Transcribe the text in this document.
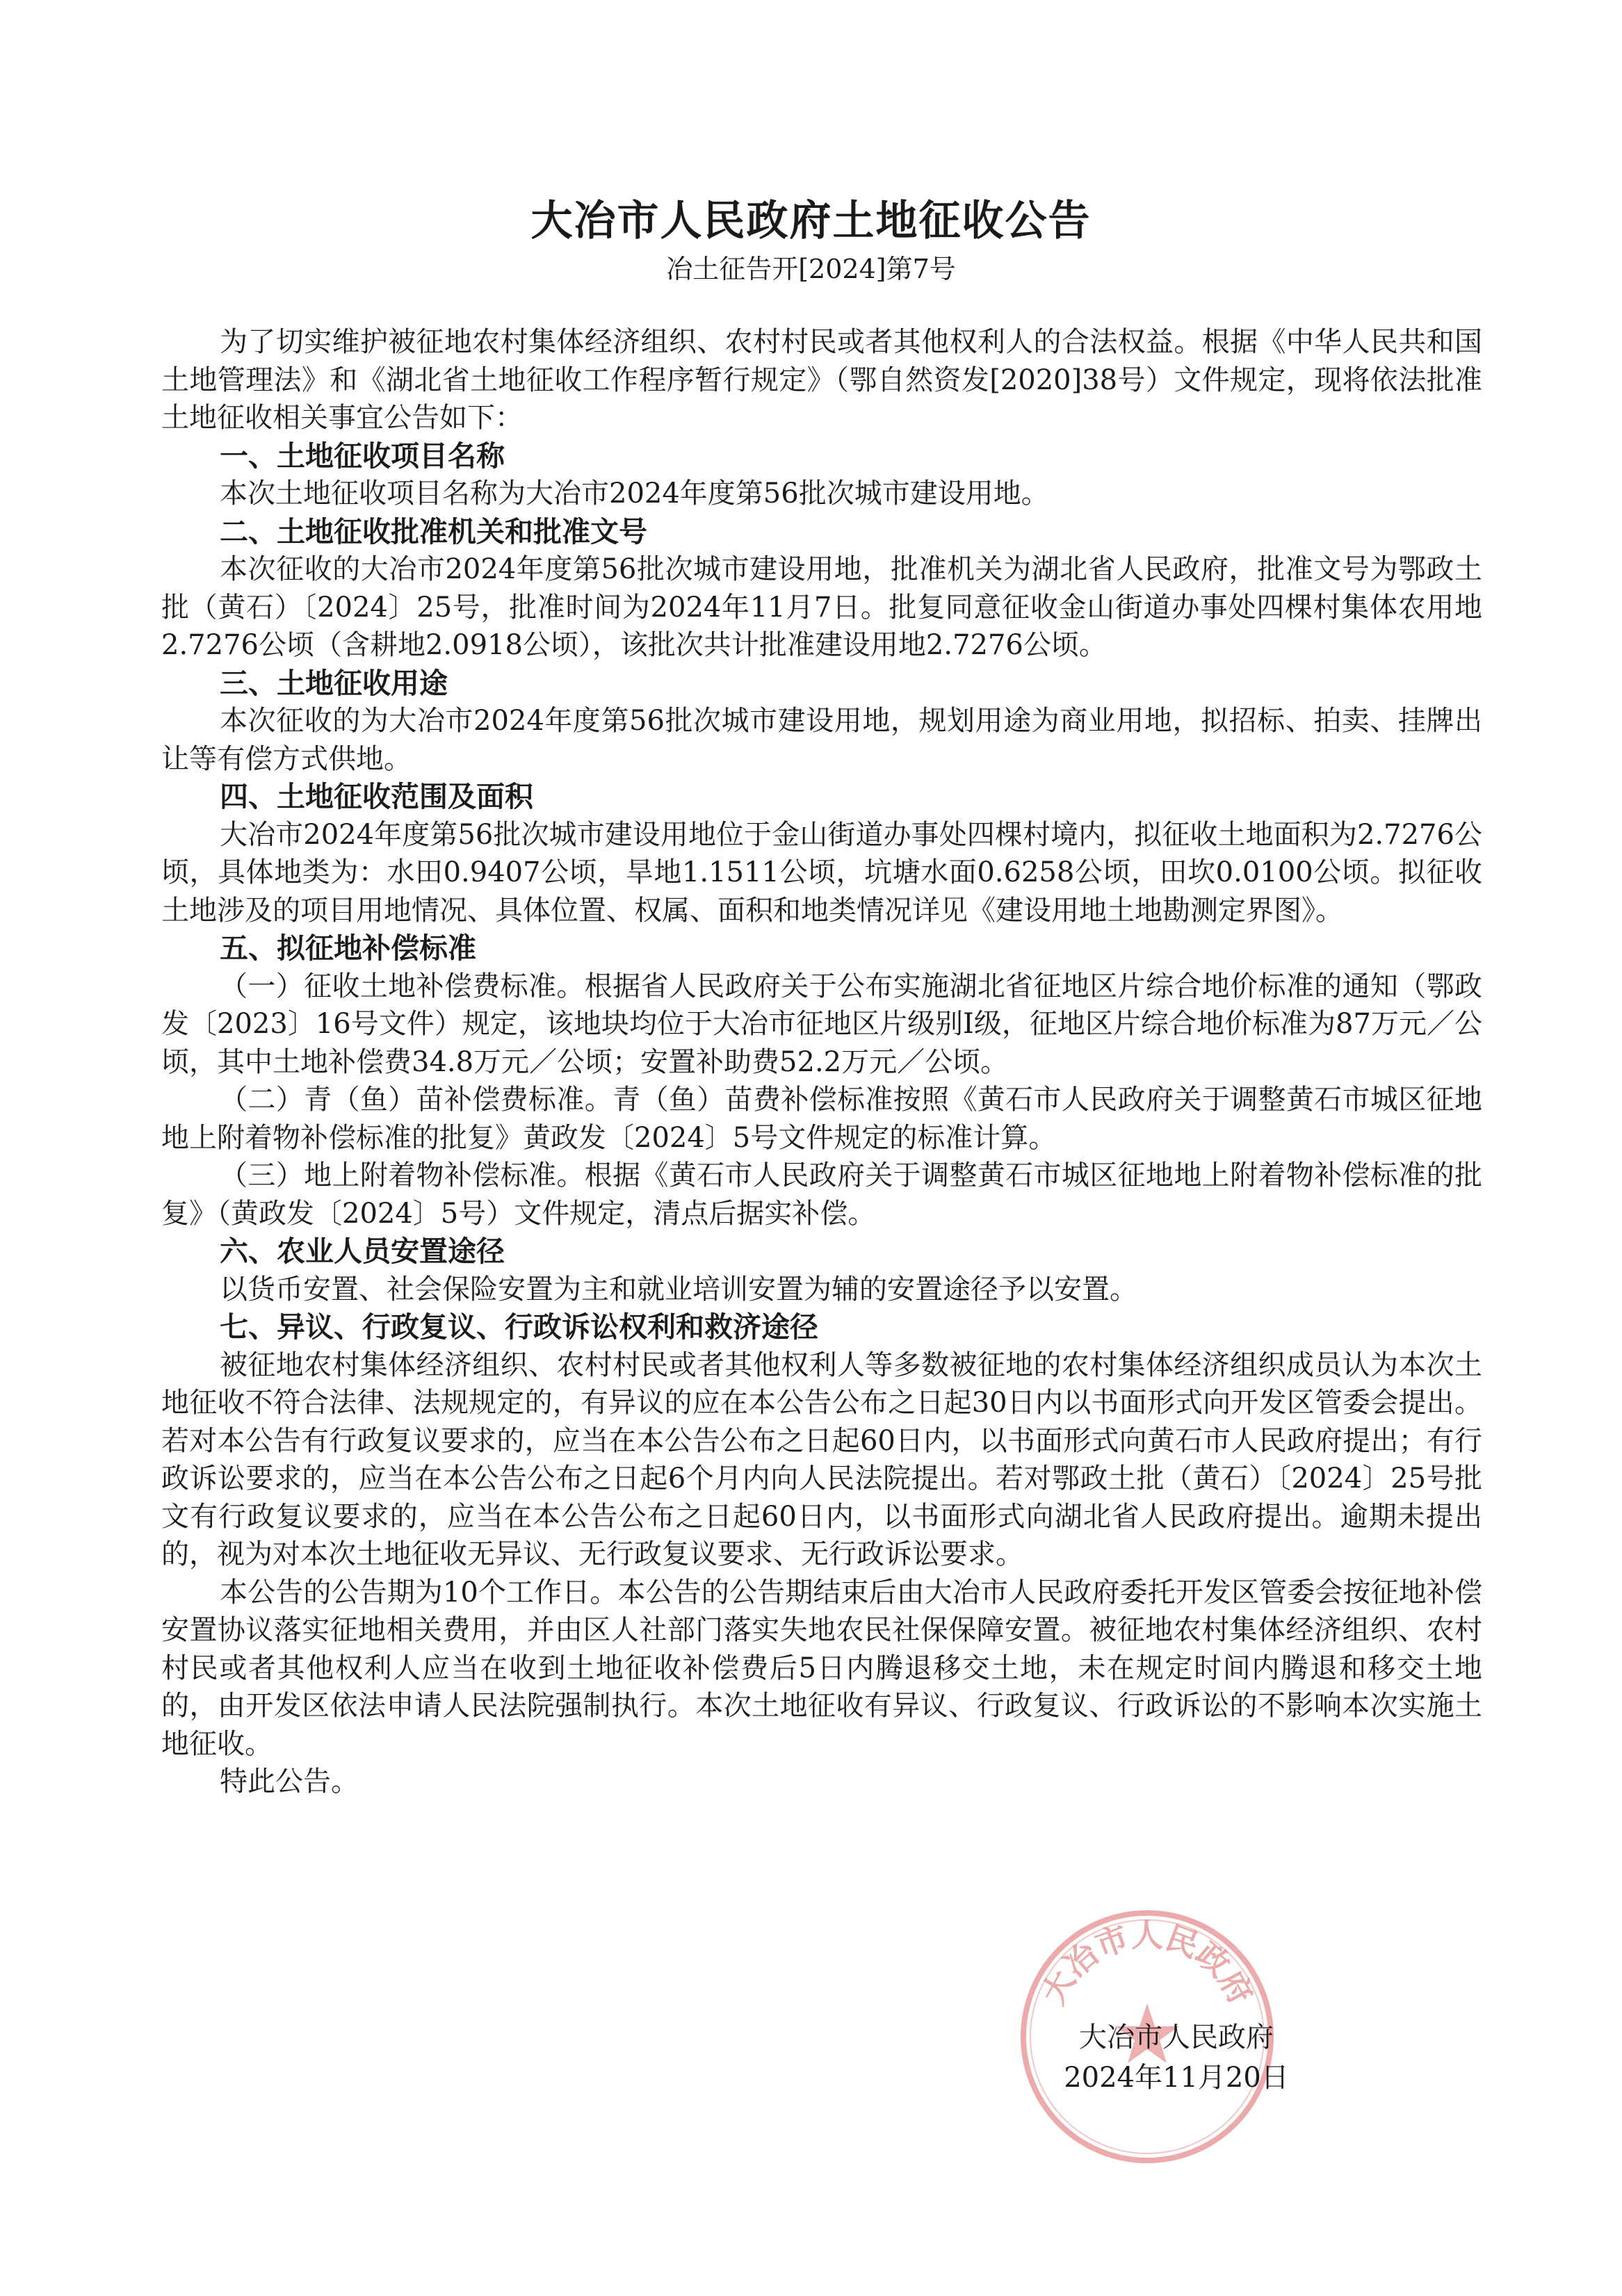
大冶市人民政府土地征收公告
冶土征告开[2024]第7号

为了切实维护被征地农村集体经济组织、农村村民或者其他权利人的合法权益。根据《中华人民共和国土地管理法》和《湖北省土地征收工作程序暂行规定》（鄂自然资发[2020]38号）文件规定，现将依法批准土地征收相关事宜公告如下：

一、土地征收项目名称

本次土地征收项目名称为大冶市2024年度第56批次城市建设用地。

二、土地征收批准机关和批准文号

本次征收的大冶市2024年度第56批次城市建设用地，批准机关为湖北省人民政府，批准文号为鄂政土批（黄石）〔2024〕25号，批准时间为2024年11月7日。批复同意征收金山街道办事处四棵村集体农用地2.7276公顷（含耕地2.0918公顷），该批次共计批准建设用地2.7276公顷。

三、土地征收用途

本次征收的为大冶市2024年度第56批次城市建设用地，规划用途为商业用地，拟招标、拍卖、挂牌出让等有偿方式供地。

四、土地征收范围及面积

大冶市2024年度第56批次城市建设用地位于金山街道办事处四棵村境内，拟征收土地面积为2.7276公顷，具体地类为：水田0.9407公顷，旱地1.1511公顷，坑塘水面0.6258公顷，田坎0.0100公顷。拟征收土地涉及的项目用地情况、具体位置、权属、面积和地类情况详见《建设用地土地勘测定界图》。

五、拟征地补偿标准

（一）征收土地补偿费标准。根据省人民政府关于公布实施湖北省征地区片综合地价标准的通知（鄂政发〔2023〕16号文件）规定，该地块均位于大冶市征地区片级别Ⅰ级，征地区片综合地价标准为87万元／公顷，其中土地补偿费34.8万元／公顷；安置补助费52.2万元／公顷。

（二）青（鱼）苗补偿费标准。青（鱼）苗费补偿标准按照《黄石市人民政府关于调整黄石市城区征地地上附着物补偿标准的批复》黄政发〔2024〕5号文件规定的标准计算。

（三）地上附着物补偿标准。根据《黄石市人民政府关于调整黄石市城区征地地上附着物补偿标准的批复》（黄政发〔2024〕5号）文件规定，清点后据实补偿。

六、农业人员安置途径

以货币安置、社会保险安置为主和就业培训安置为辅的安置途径予以安置。

七、异议、行政复议、行政诉讼权利和救济途径

被征地农村集体经济组织、农村村民或者其他权利人等多数被征地的农村集体经济组织成员认为本次土地征收不符合法律、法规规定的，有异议的应在本公告公布之日起30日内以书面形式向开发区管委会提出。若对本公告有行政复议要求的，应当在本公告公布之日起60日内，以书面形式向黄石市人民政府提出；有行政诉讼要求的，应当在本公告公布之日起6个月内向人民法院提出。若对鄂政土批（黄石）〔2024〕25号批文有行政复议要求的，应当在本公告公布之日起60日内，以书面形式向湖北省人民政府提出。逾期未提出的，视为对本次土地征收无异议、无行政复议要求、无行政诉讼要求。

本公告的公告期为10个工作日。本公告的公告期结束后由大冶市人民政府委托开发区管委会按征地补偿安置协议落实征地相关费用，并由区人社部门落实失地农民社保保障安置。被征地农村集体经济组织、农村村民或者其他权利人应当在收到土地征收补偿费后5日内腾退移交土地，未在规定时间内腾退和移交土地的，由开发区依法申请人民法院强制执行。本次土地征收有异议、行政复议、行政诉讼的不影响本次实施土地征收。

特此公告。

大冶市人民政府
大冶市人民政府
2024年11月20日
